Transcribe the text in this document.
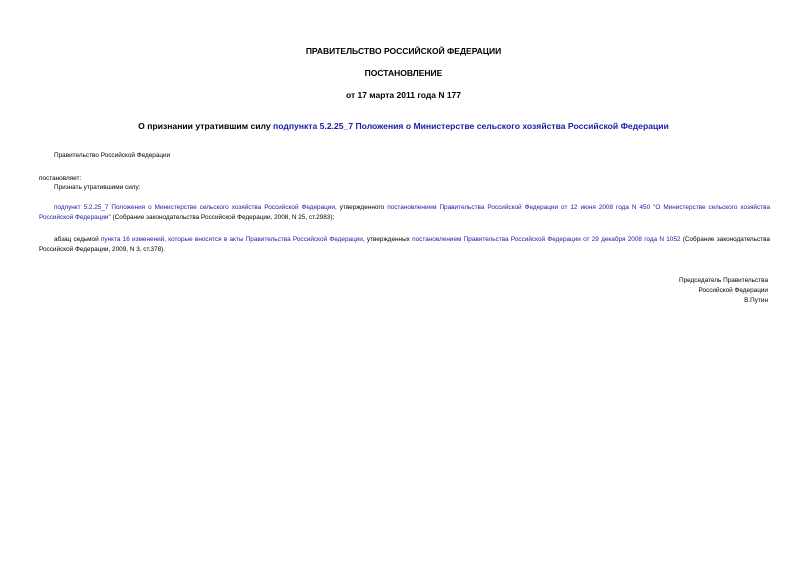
ПРАВИТЕЛЬСТВО РОССИЙСКОЙ ФЕДЕРАЦИИ
ПОСТАНОВЛЕНИЕ
от 17 марта 2011 года N 177
О признании утратившим силу подпункта 5.2.25_7 Положения о Министерстве сельского хозяйства Российской Федерации
Правительство Российской Федерации
постановляет:
Признать утратившими силу:
подпункт 5.2.25_7 Положения о Министерстве сельского хозяйства Российской Федерации, утвержденного постановлением Правительства Российской Федерации от 12 июня 2008 года N 450 "О Министерстве сельского хозяйства Российской Федерации" (Собрание законодательства Российской Федерации, 2008, N 25, ст.2983);
абзац седьмой пункта 16 изменений, которые вносятся в акты Правительства Российской Федерации, утвержденных постановлением Правительства Российской Федерации от 29 декабря 2008 года N 1052 (Собрание законодательства Российской Федерации, 2009, N 3, ст.378).
Председатель Правительства
Российской Федерации
В.Путин
